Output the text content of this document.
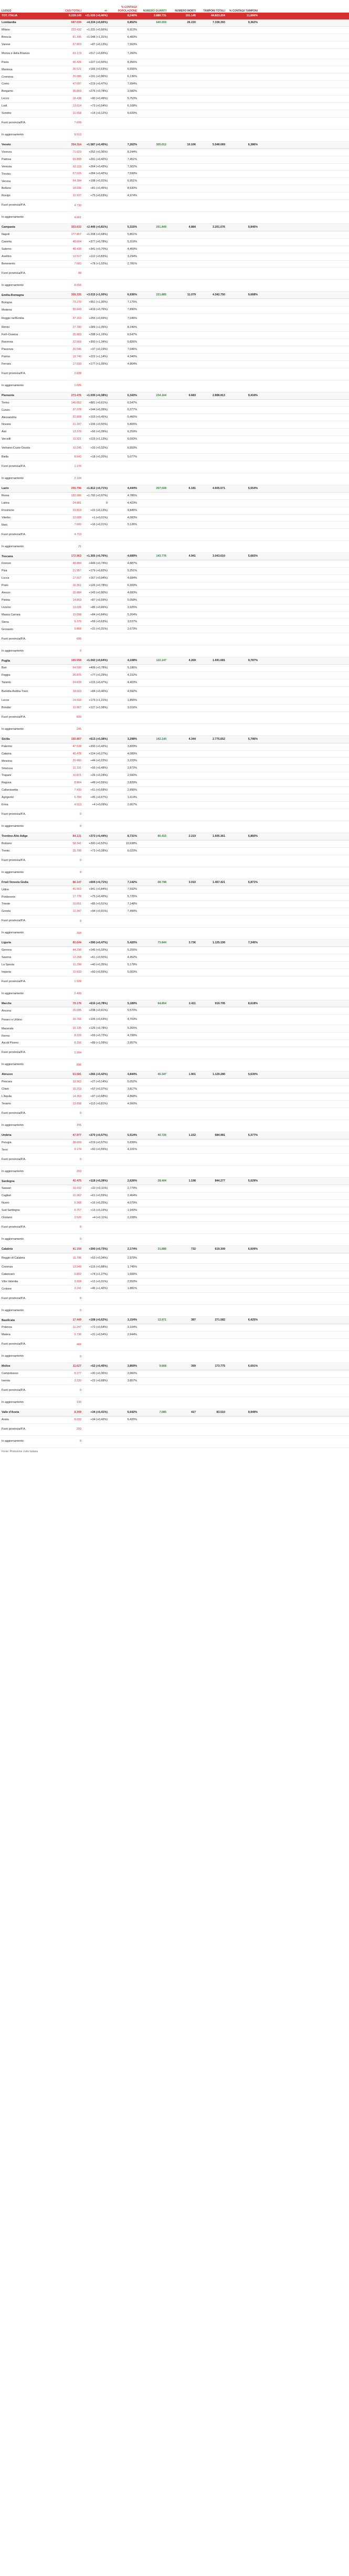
LUOGO	CASI TOTALI	+/-	% CONTAGI/ POPOLAZIONE	NUMERO GUARITI	NUMERO MORTI	TAMPONI TOTALI	% CONTAGI/ TAMPONI	
TOT. ITALIA	5.229.143	+21.020 (+0,40%)	8,240%	2.880.731	151.145	44.823.204	11,666%	
Lombardia	687.039	+4.334 (+0,66%)	6,852%	640.559	26.220	7.338.393	9,362%	
Milano	223.432	+1.231 (+0,56%)	6,913%					
Brescia	81.395	+1.048 (+1,31%)	6,483%					
Varese	67.803	+87 (+0,13%)	7,563%					
Monza e della Brianza	63.173	+517 (+0,83%)	7,260%					
Pavia	45.426	+227 (+0,50%)	8,356%					
Mantova	26.521	+166 (+0,63%)	6,555%					
Cremona	20.086	+191 (+0,96%)	6,136%					
Como	47.097	+219 (+0,47%)	7,994%					
Bergamo	35.803	+276 (+0,78%)	3,582%					
Lecco	18.438	+90 (+0,49%)	5,763%					
Lodi	13.614	+73 (+0,54%)	6,168%					
Sondrio	11.658	+14 (+0,12%)	6,620%					
Fuori provincia/P.A.	7.609							
In aggiornamento	9.513							
Veneto	354.314	+1.587 (+0,45%)	7,262%	305.012	10.106	5.548.069	6,386%	
Vicenza	71.023	+252 (+0,36%)	8,244%					
Padova	69.899	+291 (+0,42%)	7,451%					
Venezia	62.119	+264 (+0,43%)	7,302%					
Treviso	67.515	+284 (+0,42%)	7,599%					
Verona	64.394	+198 (+0,31%)	6,951%					
Belluno	18.036	+81 (+0,45%)	8,930%					
Rovigo	11.937	+75 (+0,63%)	4,974%					
Fuori provincia/P.A.	4.730							
In aggiornamento	4.661							
Campania	303.632	+2.449 (+0,81%)	5,315%	201.849	4.884	3.201.076	9,845%	
Napoli	177.857	+1.208 (+0,68%)	5,861%					
Caserta	48.604	+377 (+0,78%)	5,319%					
Salerno	48.430	+341 (+0,70%)	4,459%					
Avellino	13.517	+112 (+0,83%)	3,294%					
Benevento	7.683	+78 (+1,02%)	2,781%					
Fuori provincia/P.A.	88							
In aggiornamento	8.656							
Emilia-Romagna	309.335	+3.015 (+1,00%)	6,936%	221.885	11.079	4.342.750	9,668%	
Bologna	73.270	+951 (+1,30%)	7,175%					
Modena	55.843	+419 (+0,76%)	7,890%					
Reggio nell'Emilia	37.313	+255 (+0,69%)	7,045%					
Rimini	27.780	+289 (+1,05%)	8,246%					
Forlì-Cesena	25.883	+298 (+1,16%)	6,547%					
Ravenna	22.660	+300 (+1,34%)	5,826%					
Piacenza	20.046	+37 (+0,19%)	7,046%					
Parma	19.740	+222 (+1,14%)	4,340%					
Ferrara	17.033	+177 (+1,05%)	4,964%					
Fuori provincia/P.A.	2.838							
In aggiornamento	1.026							
Piemonte	273.476	+1.030 (+0,38%)	6,343%	234.164	9.683	2.898.813	9,434%	
Torino	146.052	+881 (+0,61%)	6,547%					
Cuneo	37.378	+144 (+0,39%)	6,377%					
Alessandria	22.808	+103 (+0,45%)	5,466%					
Novara	21.187	+106 (+0,50%)	5,805%					
Asti	13.270	+56 (+0,39%)	6,259%					
Vercelli	10.321	+115 (+1,13%)	6,093%					
Verbano-Cusio-Ossola	10.245	+33 (+0,32%)	6,553%					
Biella	8.643	+18 (+0,20%)	5,077%					
Fuori provincia/P.A.	1.276							
In aggiornamento	2.104							
Lazio	255.796	+1.812 (+0,71%)	4,444%	207.028	6.181	4.605.571	5,554%	
Roma	183.986	+1.792 (+0,97%)	4,786%					
Latina	24.881	0	4,423%					
Frosinone	23.813	+31 (+0,13%)	4,845%					
Viterbo	12.600	+1 (+0,01%)	4,083%					
Rieti	7.600	+16 (+0,21%)	5,126%					
Fuori provincia/P.A.	4.713							
In aggiornamento	21							
Toscana	172.963	+1.305 (+0,76%)	4,689%	143.776	4.941	3.043.610	5,683%	
Firenze	48.884	+444 (+0,74%)	4,887%					
Pisa	21.957	+179 (+0,82%)	5,251%					
Lucca	17.917	+167 (+0,94%)	4,684%					
Prato	16.361	+126 (+0,78%)	6,309%					
Arezzo	15.884	+143 (+0,90%)	4,683%					
Pistoia	14.803	+87 (+0,59%)	5,058%					
Livorno	13.026	+86 (+0,66%)	3,925%					
Massa Carrara	10.098	+84 (+0,84%)	5,204%					
Siena	9.379	+59 (+0,63%)	3,537%					
Grosseto	9.868	+31 (+0,31%)	2,673%					
Fuori provincia/P.A.	695							
In aggiornamento	0							
Puglia	165.558	+1.042 (+0,64%)	4,108%	122.147	4.269	1.691.681	9,787%	
Bari	64.590	+499 (+0,78%)	5,186%					
Foggia	26.875	+77 (+0,29%)	4,152%					
Taranto	24.839	+115 (+0,47%)	4,403%					
Barletta-Andria-Trani	18.603	+84 (+0,46%)	4,592%					
Lecce	14.510	+173 (+1,21%)	1,855%					
Brindisi	11.867	+127 (+1,08%)	3,016%					
Fuori provincia/P.A.	839							
In aggiornamento	245							
Sicilia	160.867	+613 (+0,38%)	3,298%	142.140	4.344	2.775.652	5,796%	
Palermo	47.538	+200 (+0,42%)	3,809%					
Catania	45.478	+124 (+0,27%)	4,089%					
Messina	20.400	+44 (+0,22%)	3,223%					
Siracusa	11.191	+55 (+0,49%)	2,872%					
Trapani	10.871	+26 (+0,24%)	2,560%					
Ragusa	8.864	+49 (+0,55%)	2,829%					
Caltanissetta	7.433	+51 (+0,69%)	2,895%					
Agrigento	6.784	+45 (+0,67%)	1,614%					
Enna	4.513	+4 (+0,09%)	2,667%					
Fuori provincia/P.A.	0							
In aggiornamento	0							
Trentino-Alto Adige	84.131	+373 (+0,44%)	8,731%	80.415	2.219	1.605.361	5,860%	
Bolzano	58.341	+300 (+0,52%)	10,938%					
Trento	25.790	+73 (+0,28%)	6,023%					
Fuori provincia/P.A.	0							
In aggiornamento	0							
Friuli Venezia Giulia	86.147	+604 (+0,71%)	7,142%	68.798	3.010	1.467.421	5,871%	
Udine	41.063	+341 (+0,84%)	7,592%					
Pordenone	17.776	+75 (+0,42%)	5,725%					
Trieste	16.651	+85 (+0,51%)	7,148%					
Gorizia	10.347	+94 (+0,91%)	7,499%					
Fuori provincia/P.A.	0							
In aggiornamento	310							
Liguria	82.644	+390 (+0,47%)	5,420%	73.844	3.736	1.125.199	7,345%	
Genova	44.290	+145 (+0,33%)	5,255%					
Savona	12.268	+61 (+0,50%)	4,452%					
La Spezia	11.290	+40 (+0,35%)	5,179%					
Imperia	10.833	+60 (+0,55%)	5,003%					
Fuori provincia/P.A.	1.928							
In aggiornamento	2.499							
Marche	79.176	+616 (+0,78%)	5,189%	64.854	2.411	919.705	8,618%	
Ancona	26.095	+238 (+0,91%)	5,570%					
Pesaro e Urbino	16.766	+105 (+0,63%)	4,703%					
Macerata	16.135	+125 (+0,78%)	5,265%					
Fermo	8.220	+59 (+0,72%)	4,799%					
Ascoli Piceno	8.156	+89 (+1,09%)	3,957%					
Fuori provincia/P.A.	2.904							
In aggiornamento	896							
Abruzzo	63.581	+266 (+0,42%)	4,844%	45.347	1.901	1.129.280	5,630%	
Pescara	19.962	+27 (+0,14%)	5,052%					
Chieti	15.213	+57 (+0,37%)	3,817%					
L'Aquila	14.353	+97 (+0,68%)	4,868%					
Teramo	13.898	+113 (+0,81%)	4,560%					
Fuori provincia/P.A.	0							
In aggiornamento	155							
Umbria	47.977	+270 (+0,57%)	5,514%	40.726	1.152	684.981	5,377%	
Perugia	38.600	+219 (+0,57%)	5,839%					
Terni	9.174	+50 (+0,55%)	4,101%					
Fuori provincia/P.A.	0							
In aggiornamento	203							
Sardegna	42.475	+118 (+0,28%)	2,626%	28.404	1.198	844.277	5,029%	
Sassari	19.432	+22 (+0,11%)	2,779%					
Cagliari	10.362	+61 (+0,59%)	2,464%					
Nuoro	6.368	+16 (+0,25%)	4,079%					
Sud Sardegna	6.757	+13 (+0,19%)	1,943%					
Oristano	3.520	+4 (+0,11%)	2,228%					
Fuori provincia/P.A.	0							
In aggiornamento	0							
Calabria	41.159	+300 (+0,73%)	2,174%	31.886	732	619.309	6,609%	
Reggio di Calabria	15.796	+53 (+0,34%)	2,979%					
Cosenza	13.049	+115 (+0,88%)	1,745%					
Catanzaro	5.822	+74 (+1,27%)	1,606%					
Vibo Valentia	3.918	+12 (+0,31%)	2,553%					
Crotone	3.241	+46 (+1,42%)	1,881%					
Fuori provincia/P.A.	0							
In aggiornamento	0							
Basilicata	17.449	+108 (+0,62%)	3,154%	12.971	387	271.582	6,425%	
Potenza	11.247	+72 (+0,64%)	3,104%					
Matera	5.736	+31 (+0,54%)	2,944%					
Fuori provincia/P.A.	466							
In aggiornamento	0							
Molise	11.627	+52 (+0,45%)	3,869%	9.668	399	173.775	6,691%	
Campobasso	8.277	+30 (+0,36%)	3,960%					
Isernia	3.220	+22 (+0,68%)	3,857%					
Fuori provincia/P.A.	0							
In aggiornamento	130							
Valle d'Aosta	8.309	+34 (+0,41%)	6,642%	7.085	417	83.510	9,949%	
Aosta	8.032	+34 (+0,42%)	6,420%					
Fuori provincia/P.A.	293							
In aggiornamento	0							
Fonte: Protezione civile italiana
